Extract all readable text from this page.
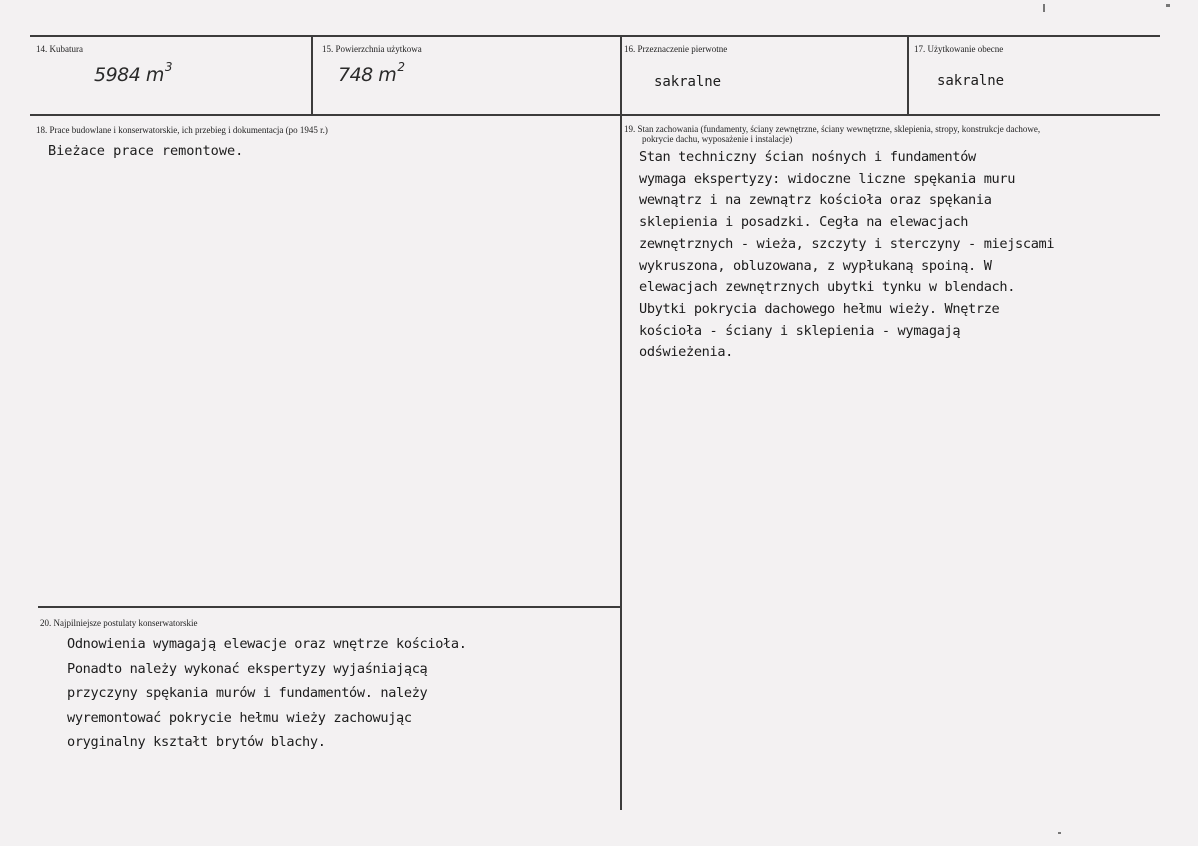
14. Kubatura
5984 $m^3$
15. Powierzchnia użytkowa
748 $m^2$
16. Przeznaczenie pierwotne
sakralne
17. Użytkowanie obecne
sakralne
18. Prace budowlane i konserwatorskie, ich przebieg i dokumentacja (po 1945 r.)
Bieżace prace remontowe.
19. Stan zachowania (fundamenty, ściany zewnętrzne, ściany wewnętrzne, sklepienia, stropy, konstrukcje dachowe,
pokrycie dachu, wyposażenie i instalacje)
Stan techniczny ścian nośnych i fundamentów
wymaga ekspertyzy: widoczne liczne spękania muru
wewnątrz i na zewnątrz kościoła oraz spękania
sklepienia i posadzki. Cegła na elewacjach
zewnętrznych - wieża, szczyty i sterczyny - miejscami
wykruszona, obluzowana, z wypłukaną spoiną. W
elewacjach zewnętrznych ubytki tynku w blendach.
Ubytki pokrycia dachowego hełmu wieży. Wnętrze
kościoła - ściany i sklepienia - wymagają
odświeżenia.
20. Najpilniejsze postulaty konserwatorskie
Odnowienia wymagają elewacje oraz wnętrze kościoła.
Ponadto należy wykonać ekspertyzy wyjaśniającą
przyczyny spękania murów i fundamentów. należy
wyremontować pokrycie hełmu wieży zachowując
oryginalny kształt brytów blachy.
